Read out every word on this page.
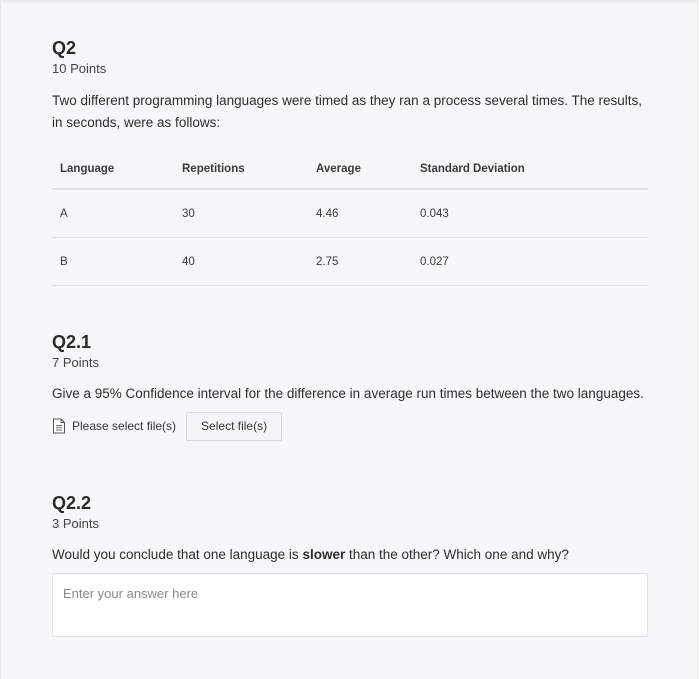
Q2

10 Points

Two different programming languages were timed as they ran a process several times. The results, in seconds, were as follows:

Language	Repetitions	Average	Standard Deviation
A	30	4.46	0.043
B	40	2.75	0.027
Q2.1

7 Points

Give a 95% Confidence interval for the difference in average run times between the two languages.

Please select file(s)	Select file(s)
Q2.2

3 Points

Would you conclude that one language is slower than the other? Which one and why?

Enter your answer here
